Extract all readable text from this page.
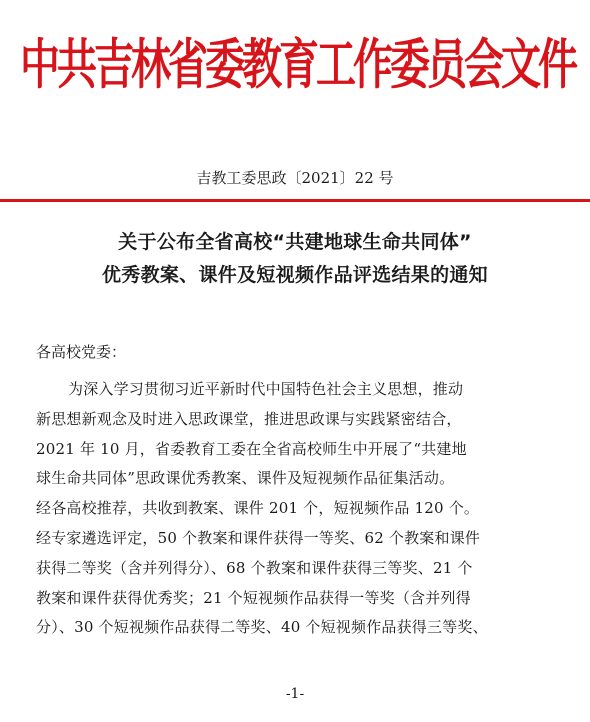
中共吉林省委教育工作委员会文件
吉教工委思政〔2021〕22 号
关于公布全省高校“共建地球生命共同体”
优秀教案、课件及短视频作品评选结果的通知
各高校党委：
为深入学习贯彻习近平新时代中国特色社会主义思想，推动
新思想新观念及时进入思政课堂，推进思政课与实践紧密结合，
2021 年 10 月，省委教育工委在全省高校师生中开展了“共建地
球生命共同体”思政课优秀教案、课件及短视频作品征集活动。
经各高校推荐，共收到教案、课件 201 个，短视频作品 120 个。
经专家遴选评定，50 个教案和课件获得一等奖、62 个教案和课件
获得二等奖（含并列得分）、68 个教案和课件获得三等奖、21 个
教案和课件获得优秀奖；21 个短视频作品获得一等奖（含并列得
分）、30 个短视频作品获得二等奖、40 个短视频作品获得三等奖、
-1-
